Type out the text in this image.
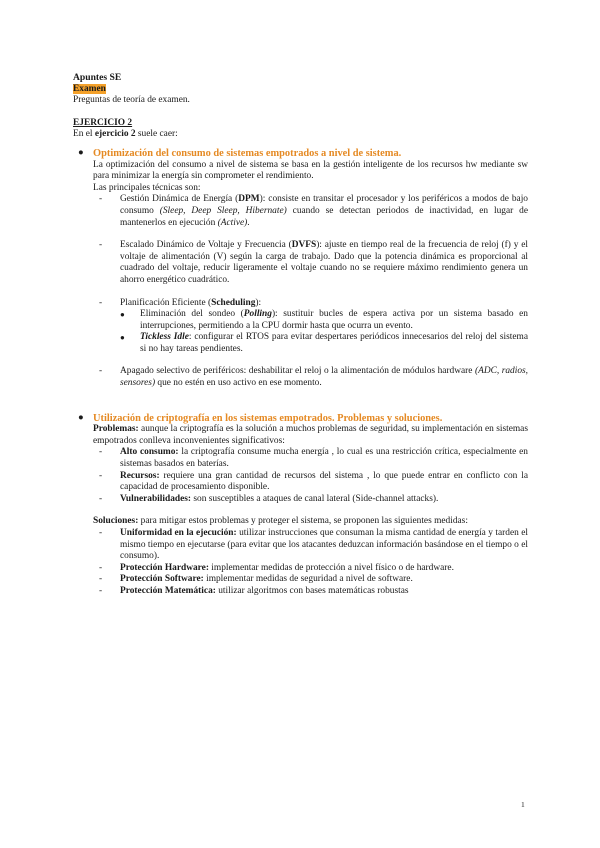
Apuntes SE
Examen
Preguntas de teoría de examen.
EJERCICIO 2
En el ejercicio 2 suele caer:
● Optimización del consumo de sistemas empotrados a nivel de sistema.
La optimización del consumo a nivel de sistema se basa en la gestión inteligente de los recursos hw mediante sw para minimizar la energía sin comprometer el rendimiento.
Las principales técnicas son:
- Gestión Dinámica de Energía (DPM): consiste en transitar el procesador y los periféricos a modos de bajo consumo (Sleep, Deep Sleep, Hibernate) cuando se detectan periodos de inactividad, en lugar de mantenerlos en ejecución (Active).
- Escalado Dinámico de Voltaje y Frecuencia (DVFS): ajuste en tiempo real de la frecuencia de reloj (f) y el voltaje de alimentación (V) según la carga de trabajo. Dado que la potencia dinámica es proporcional al cuadrado del voltaje, reducir ligeramente el voltaje cuando no se requiere máximo rendimiento genera un ahorro energético cuadrático.
- Planificación Eficiente (Scheduling):
● Eliminación del sondeo (Polling): sustituir bucles de espera activa por un sistema basado en interrupciones, permitiendo a la CPU dormir hasta que ocurra un evento.
● Tickless Idle: configurar el RTOS para evitar despertares periódicos innecesarios del reloj del sistema si no hay tareas pendientes.
- Apagado selectivo de periféricos: deshabilitar el reloj o la alimentación de módulos hardware (ADC, radios, sensores) que no estén en uso activo en ese momento.
● Utilización de criptografía en los sistemas empotrados. Problemas y soluciones.
Problemas: aunque la criptografía es la solución a muchos problemas de seguridad, su implementación en sistemas empotrados conlleva inconvenientes significativos:
- Alto consumo: la criptografía consume mucha energía , lo cual es una restricción crítica, especialmente en sistemas basados en baterías.
- Recursos: requiere una gran cantidad de recursos del sistema , lo que puede entrar en conflicto con la capacidad de procesamiento disponible.
- Vulnerabilidades: son susceptibles a ataques de canal lateral (Side-channel attacks).
Soluciones: para mitigar estos problemas y proteger el sistema, se proponen las siguientes medidas:
- Uniformidad en la ejecución: utilizar instrucciones que consuman la misma cantidad de energía y tarden el mismo tiempo en ejecutarse (para evitar que los atacantes deduzcan información basándose en el tiempo o el consumo).
- Protección Hardware: implementar medidas de protección a nivel físico o de hardware.
- Protección Software: implementar medidas de seguridad a nivel de software.
- Protección Matemática: utilizar algoritmos con bases matemáticas robustas
1
